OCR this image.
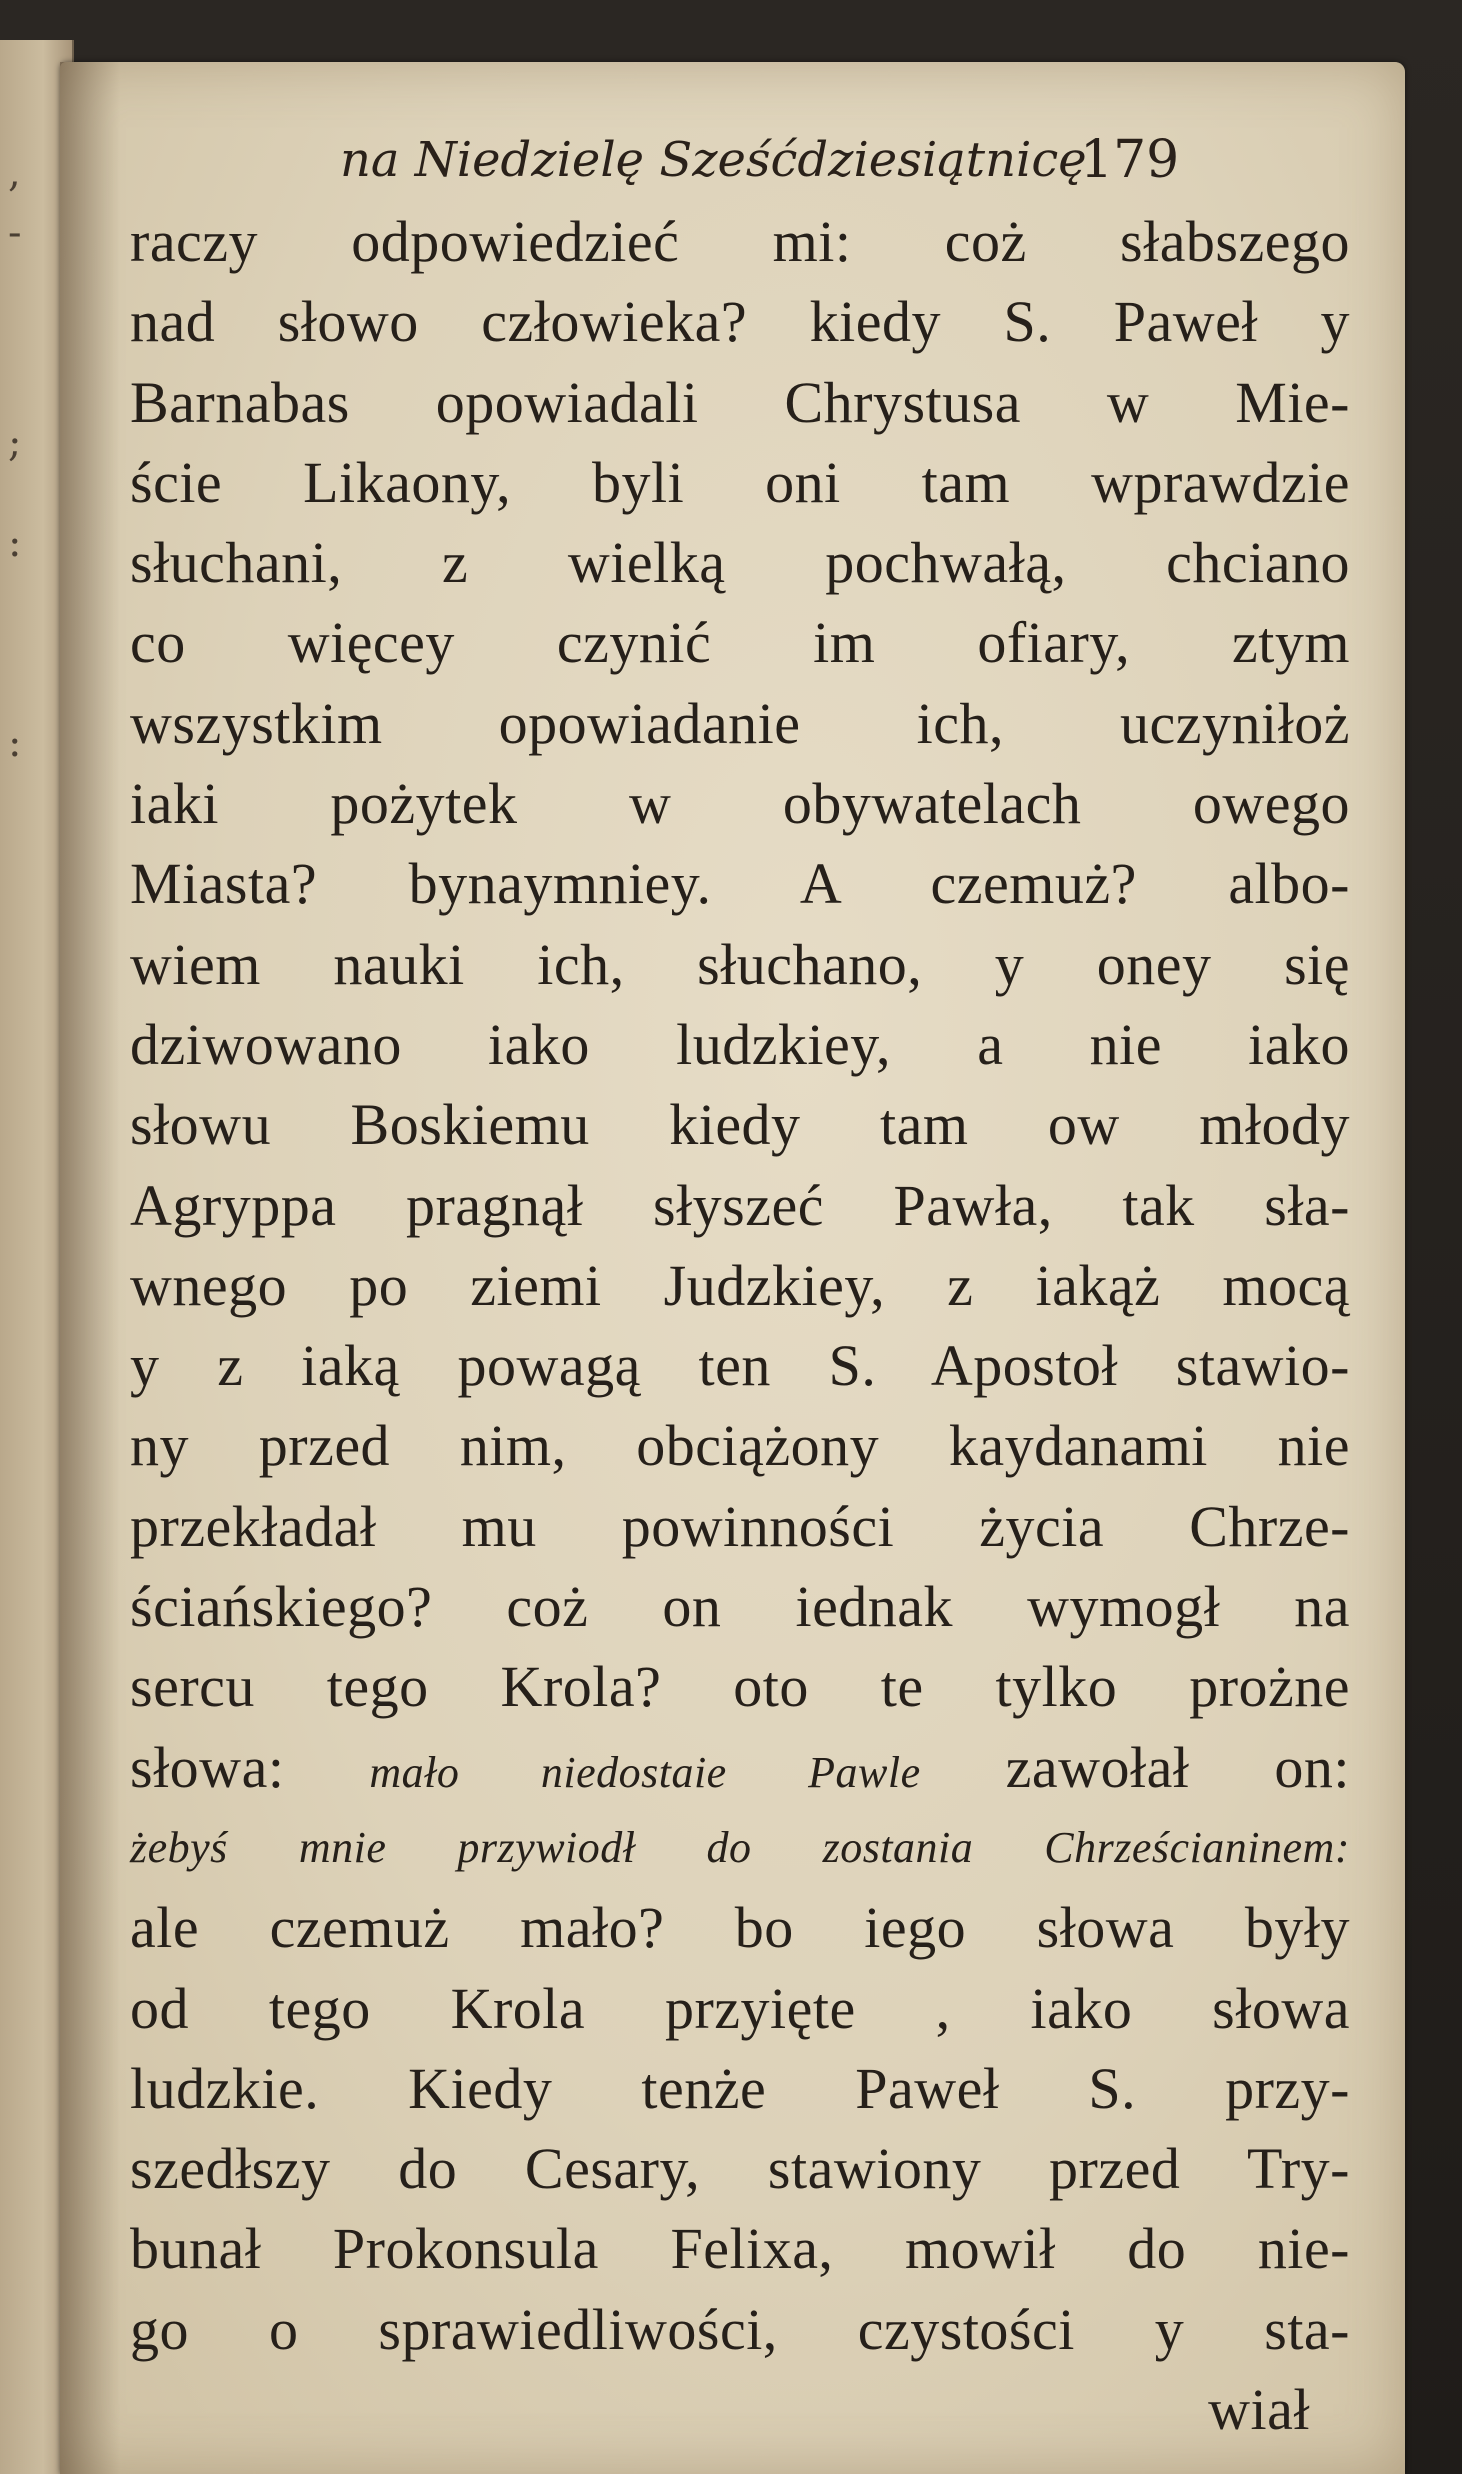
,
-
;
:
:
na Niedzielę Sześćdziesiątnicę
179
raczy odpowiedzieć mi: coż słabszego
nad słowo człowieka? kiedy S. Paweł y
Barnabas opowiadali Chrystusa w Mie-
ście Likaony, byli oni tam wprawdzie
słuchani, z wielką pochwałą, chciano
co więcey czynić im ofiary, ztym
wszystkim opowiadanie ich, uczyniłoż
iaki pożytek w obywatelach owego
Miasta? bynaymniey. A czemuż? albo-
wiem nauki ich, słuchano, y oney się
dziwowano iako ludzkiey, a nie iako
słowu Boskiemu kiedy tam ow młody
Agryppa pragnął słyszeć Pawła, tak sła-
wnego po ziemi Judzkiey, z iakąż mocą
y z iaką powagą ten S. Apostoł stawio-
ny przed nim, obciążony kaydanami nie
przekładał mu powinności życia Chrze-
ściańskiego? coż on iednak wymogł na
sercu tego Krola? oto te tylko prożne
słowa: mało niedostaie Pawle zawołał on:
żebyś mnie przywiodł do zostania Chrześcianinem:
ale czemuż mało? bo iego słowa były
od tego Krola przyięte , iako słowa
ludzkie. Kiedy tenże Paweł S. przy-
szedłszy do Cesary, stawiony przed Try-
bunał Prokonsula Felixa, mowił do nie-
go o sprawiedliwości, czystości y sta-
wiał
